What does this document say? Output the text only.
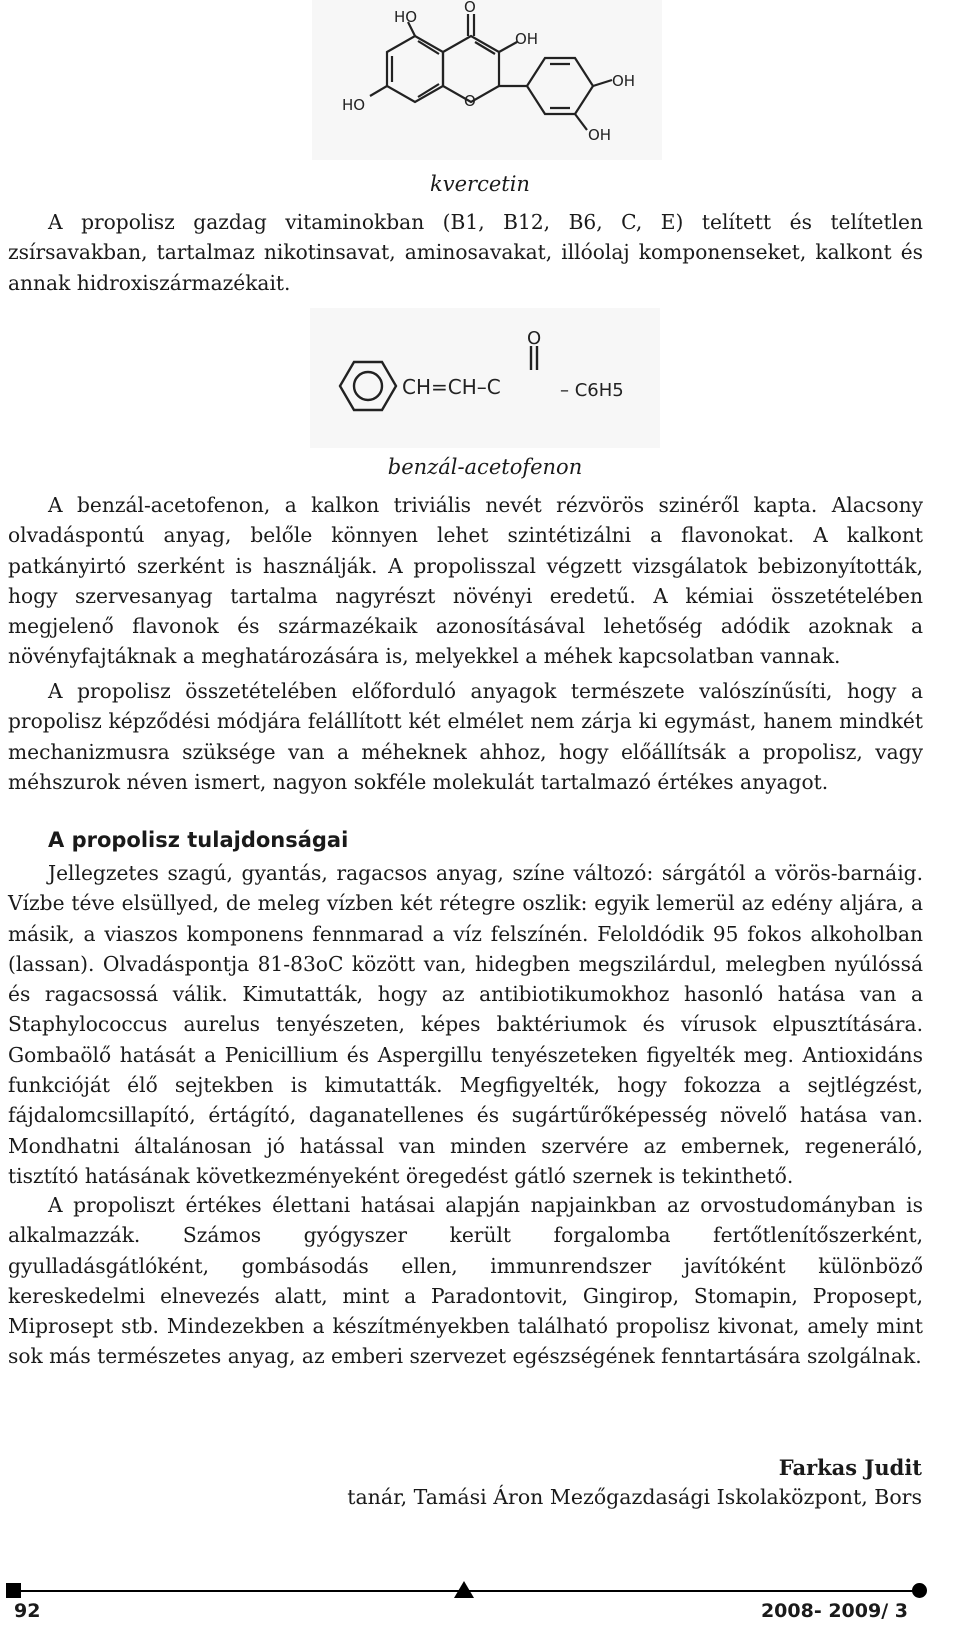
HO
HO
O
OH
O
OH
OH
kvercetin

A propolisz gazdag vitaminokban (B1, B12, B6, C, E) telített és telítetlen zsírsavakban, tartalmaz nikotinsavat, aminosavakat, illóolaj komponenseket, kalkont és annak hidroxiszármazékait.

CH=CH–C
O
– C6H5
benzál-acetofenon

A benzál-acetofenon, a kalkon triviális nevét rézvörös szinéről kapta. Alacsony olvadáspontú anyag, belőle könnyen lehet szintétizálni a flavonokat. A kalkont patkányirtó szerként is használják. A propolisszal végzett vizsgálatok bebizonyították, hogy szervesanyag tartalma nagyrészt növényi eredetű. A kémiai összetételében megjelenő flavonok és származékaik azonosításával lehetőség adódik azoknak a növényfajtáknak a meghatározására is, melyekkel a méhek kapcsolatban vannak.

A propolisz összetételében előforduló anyagok természete valószínűsíti, hogy a propolisz képződési módjára felállított két elmélet nem zárja ki egymást, hanem mindkét mechanizmusra szüksége van a méheknek ahhoz, hogy előállítsák a propolisz, vagy méhszurok néven ismert, nagyon sokféle molekulát tartalmazó értékes anyagot.

A propolisz tulajdonságai

Jellegzetes szagú, gyantás, ragacsos anyag, színe változó: sárgától a vörös-barnáig. Vízbe téve elsüllyed, de meleg vízben két rétegre oszlik: egyik lemerül az edény aljára, a másik, a viaszos komponens fennmarad a víz felszínén. Feloldódik 95 fokos alkoholban (lassan). Olvadáspontja 81-83oC között van, hidegben megszilárdul, melegben nyúlóssá és ragacsossá válik. Kimutatták, hogy az antibiotikumokhoz hasonló hatása van a Staphylococcus aurelus tenyészeten, képes baktériumok és vírusok elpusztítására. Gombaölő hatását a Penicillium és Aspergillu tenyészeteken figyelték meg. Antioxidáns funkcióját élő sejtekben is kimutatták. Megfigyelték, hogy fokozza a sejtlégzést, fájdalomcsillapító, értágító, daganatellenes és sugártűrőképesség növelő hatása van. Mondhatni általánosan jó hatással van minden szervére az embernek, regeneráló, tisztító hatásának következményeként öregedést gátló szernek is tekinthető.

A propoliszt értékes élettani hatásai alapján napjainkban az orvostudományban is alkalmazzák. Számos gyógyszer került forgalomba fertőtlenítőszerként, gyulladásgátlóként, gombásodás ellen, immunrendszer javítóként különböző kereskedelmi elnevezés alatt, mint a Paradontovit, Gingirop, Stomapin, Proposept, Miprosept stb. Mindezekben a készítményekben található propolisz kivonat, amely mint sok más természetes anyag, az emberi szervezet egészségének fenntartására szolgálnak.

Farkas Judit
tanár, Tamási Áron Mezőgazdasági Iskolaközpont, Bors
92	2008- 2009/ 3
